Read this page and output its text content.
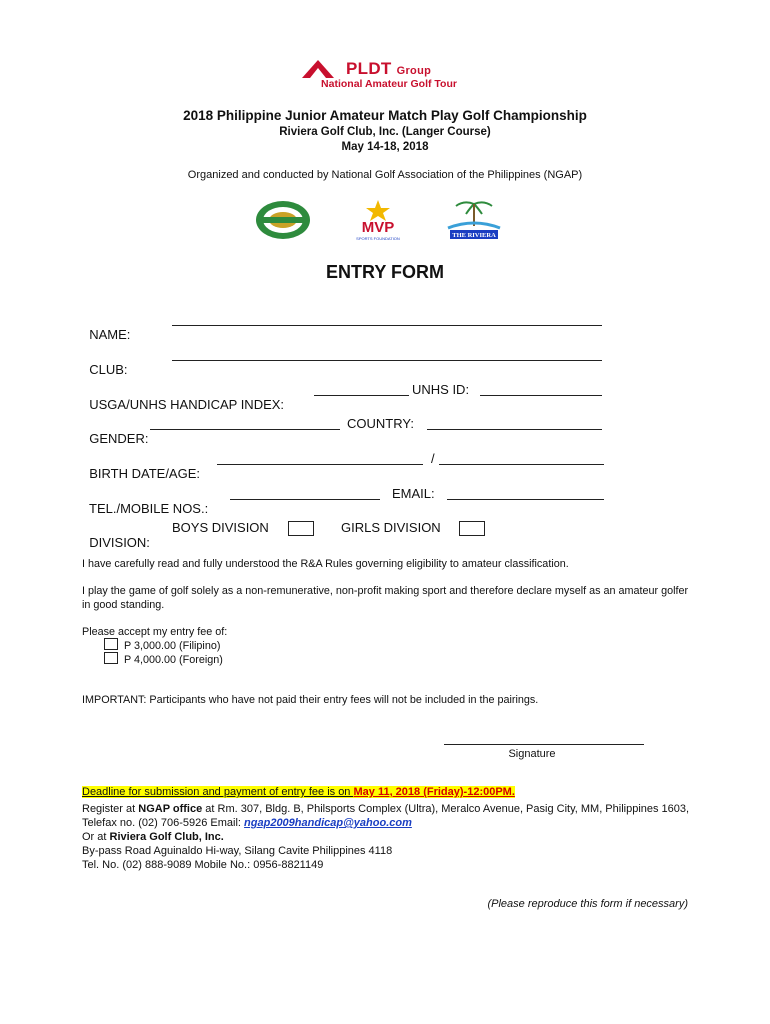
PLDT Group
National Amateur Golf Tour
2018 Philippine Junior Amateur Match Play Golf Championship
Riviera Golf Club, Inc. (Langer Course)
May 14-18, 2018
Organized and conducted by National Golf Association of the Philippines (NGAP)
MVP
SPORTS FOUNDATION	THE RIVIERA
ENTRY FORM

NAME:

CLUB:

USGA/UNHS HANDICAP INDEX:

UNHS ID:

GENDER:

COUNTRY:

BIRTH DATE/AGE:

/

TEL./MOBILE NOS.:

EMAIL:

DIVISION:

BOYS DIVISION

	GIRLS DIVISION

I have carefully read and fully understood the R&A Rules governing eligibility to amateur classification.
I play the game of golf solely as a non-remunerative, non-profit making sport and therefore declare myself as an amateur golfer in good standing.
Please accept my entry fee of:
P 3,000.00 (Filipino)
P 4,000.00 (Foreign)
IMPORTANT: Participants who have not paid their entry fees will not be included in the pairings.
Signature
Deadline for submission and payment of entry fee is on May 11, 2018 (Friday)-12:00PM.
Register at NGAP office at Rm. 307, Bldg. B, Philsports Complex (Ultra), Meralco Avenue, Pasig City, MM, Philippines 1603, Telefax no. (02) 706-5926 Email: ngap2009handicap@yahoo.com
Or at Riviera Golf Club, Inc.
By-pass Road Aguinaldo Hi-way, Silang Cavite Philippines 4118
Tel. No. (02) 888-9089 Mobile No.: 0956-8821149
(Please reproduce this form if necessary)
